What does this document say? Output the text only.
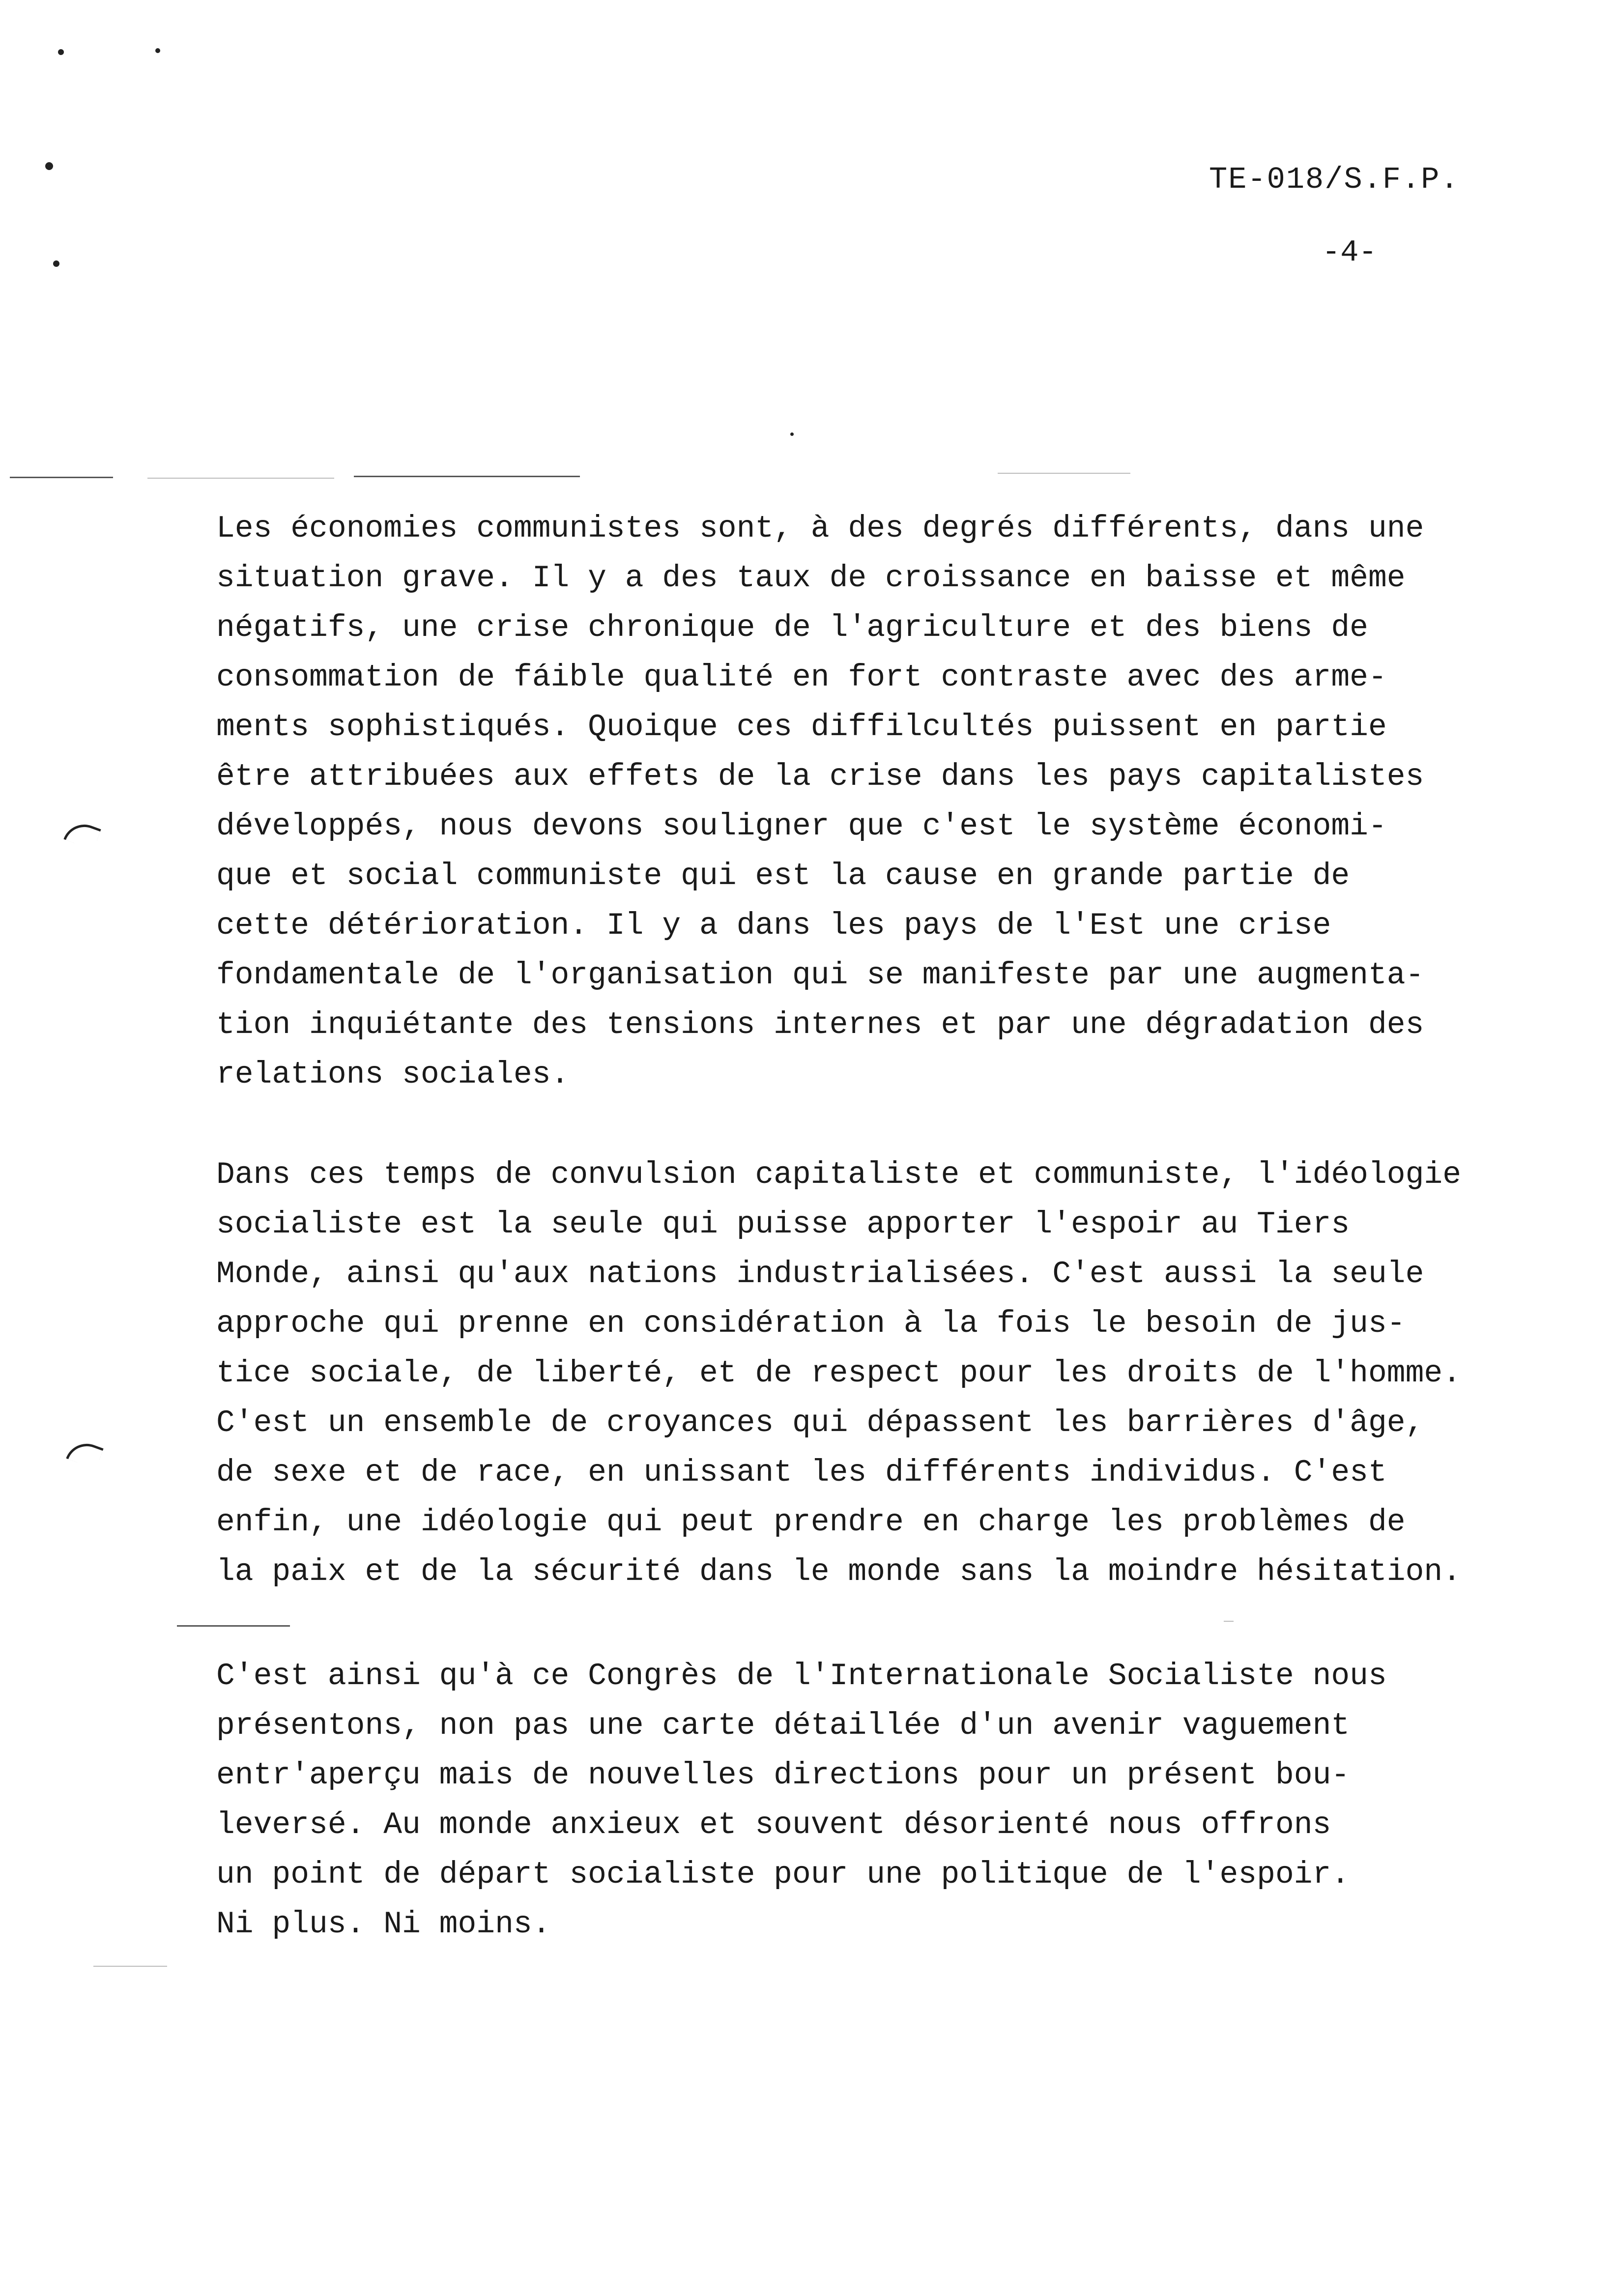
TE-018/S.F.P.
-4-
Les économies communistes sont, à des degrés différents, dans une
situation grave. Il y a des taux de croissance en baisse et même
négatifs, une crise chronique de l'agriculture et des biens de
consommation de fáible qualité en fort contraste avec des arme-
ments sophistiqués. Quoique ces diffilcultés puissent en partie
être attribuées aux effets de la crise dans les pays capitalistes
développés, nous devons souligner que c'est le système économi-
que et social communiste qui est la cause en grande partie de
cette détérioration. Il y a dans les pays de l'Est une crise
fondamentale de l'organisation qui se manifeste par une augmenta-
tion inquiétante des tensions internes et par une dégradation des
relations sociales.
Dans ces temps de convulsion capitaliste et communiste, l'idéologie
socialiste est la seule qui puisse apporter l'espoir au Tiers
Monde, ainsi qu'aux nations industrialisées. C'est aussi la seule
approche qui prenne en considération à la fois le besoin de jus-
tice sociale, de liberté, et de respect pour les droits de l'homme.
C'est un ensemble de croyances qui dépassent les barrières d'âge,
de sexe et de race, en unissant les différents individus. C'est
enfin, une idéologie qui peut prendre en charge les problèmes de
la paix et de la sécurité dans le monde sans la moindre hésitation.
C'est ainsi qu'à ce Congrès de l'Internationale Socialiste nous
présentons, non pas une carte détaillée d'un avenir vaguement
entr'aperçu mais de nouvelles directions pour un présent bou-
leversé. Au monde anxieux et souvent désorienté nous offrons
un point de départ socialiste pour une politique de l'espoir.
Ni plus. Ni moins.
